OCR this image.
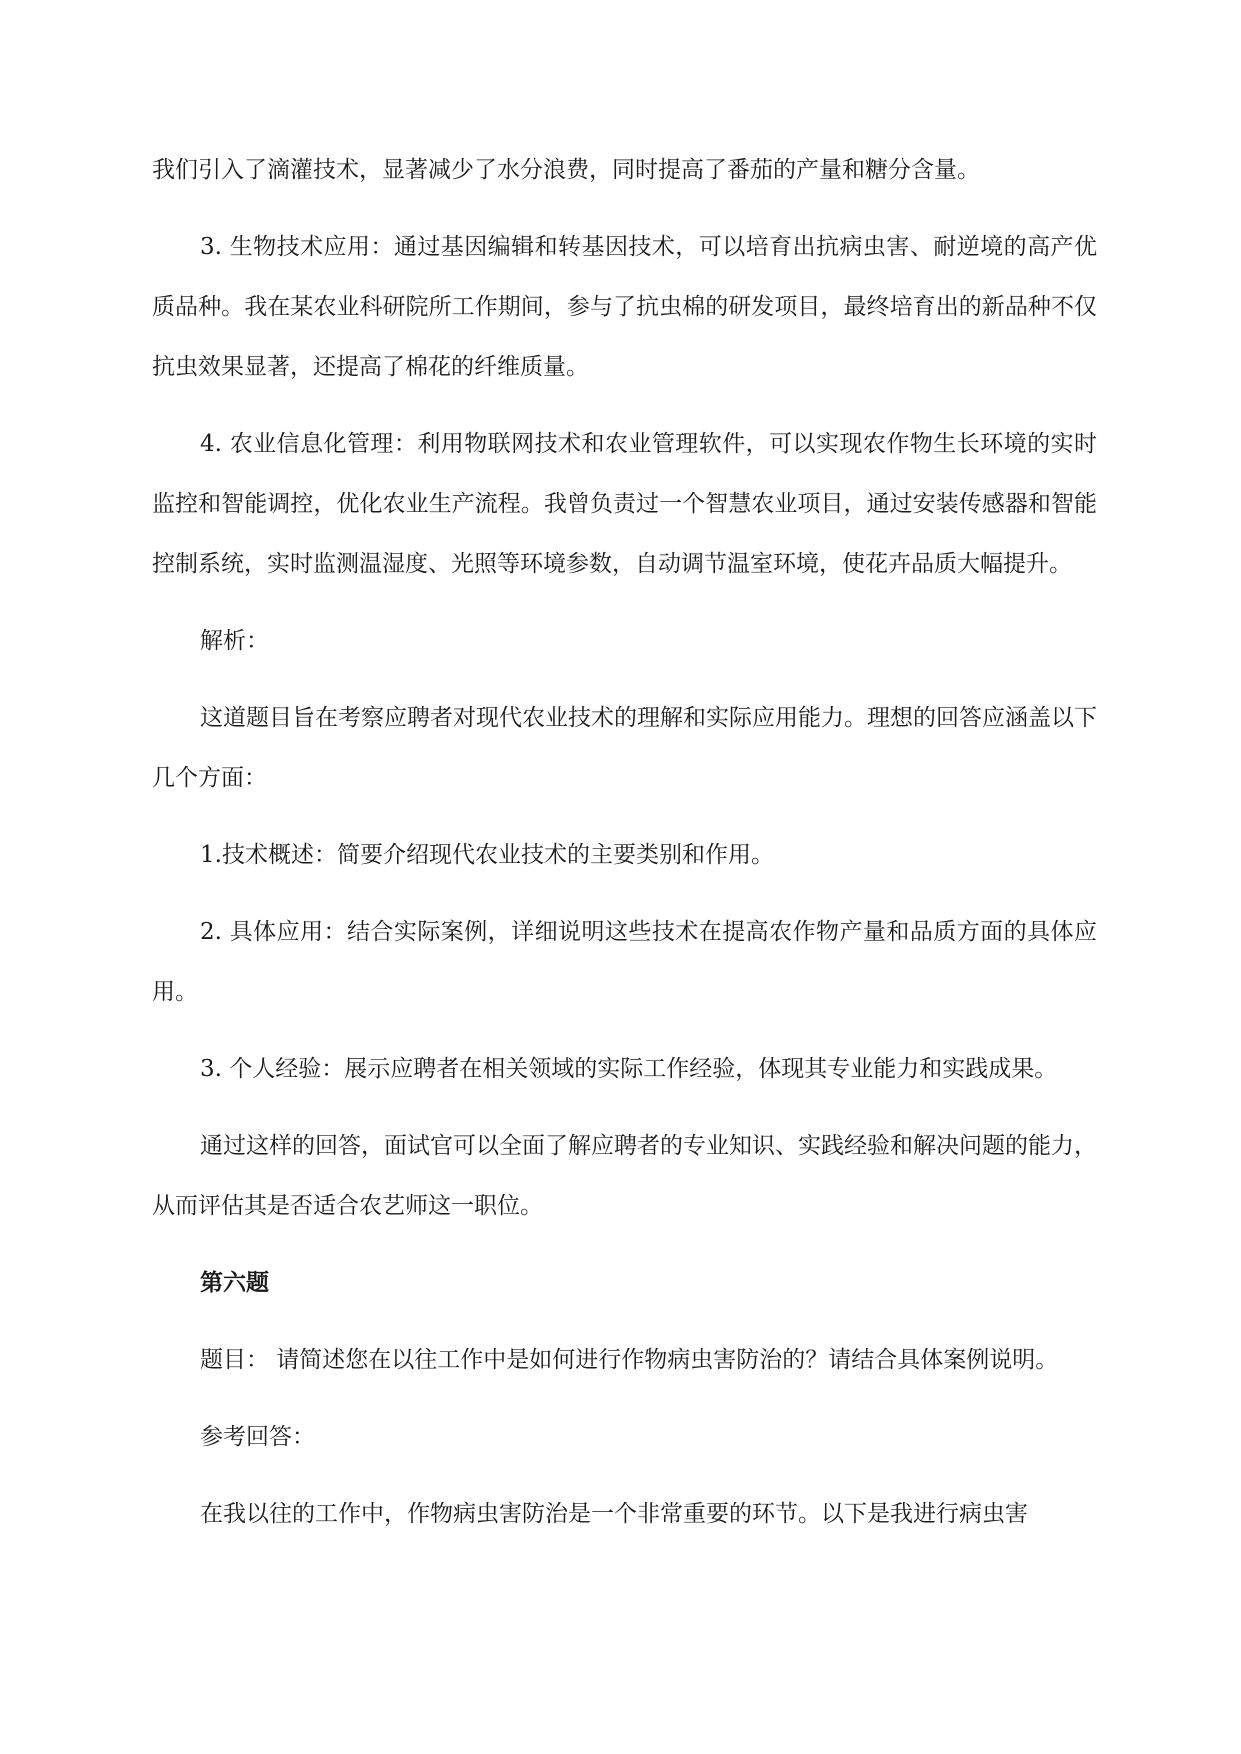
我们引入了滴灌技术，显著减少了水分浪费，同时提高了番茄的产量和糖分含量。

3. 生物技术应用：通过基因编辑和转基因技术，可以培育出抗病虫害、耐逆境的高产优质品种。我在某农业科研院所工作期间，参与了抗虫棉的研发项目，最终培育出的新品种不仅抗虫效果显著，还提高了棉花的纤维质量。

4. 农业信息化管理：利用物联网技术和农业管理软件，可以实现农作物生长环境的实时监控和智能调控，优化农业生产流程。我曾负责过一个智慧农业项目，通过安装传感器和智能控制系统，实时监测温湿度、光照等环境参数，自动调节温室环境，使花卉品质大幅提升。

解析：

这道题目旨在考察应聘者对现代农业技术的理解和实际应用能力。理想的回答应涵盖以下几个方面：

1.技术概述：简要介绍现代农业技术的主要类别和作用。

2. 具体应用：结合实际案例，详细说明这些技术在提高农作物产量和品质方面的具体应用。

3. 个人经验：展示应聘者在相关领域的实际工作经验，体现其专业能力和实践成果。

通过这样的回答，面试官可以全面了解应聘者的专业知识、实践经验和解决问题的能力，从而评估其是否适合农艺师这一职位。

第六题

题目： 请简述您在以往工作中是如何进行作物病虫害防治的？请结合具体案例说明。

参考回答：

在我以往的工作中，作物病虫害防治是一个非常重要的环节。以下是我进行病虫害
